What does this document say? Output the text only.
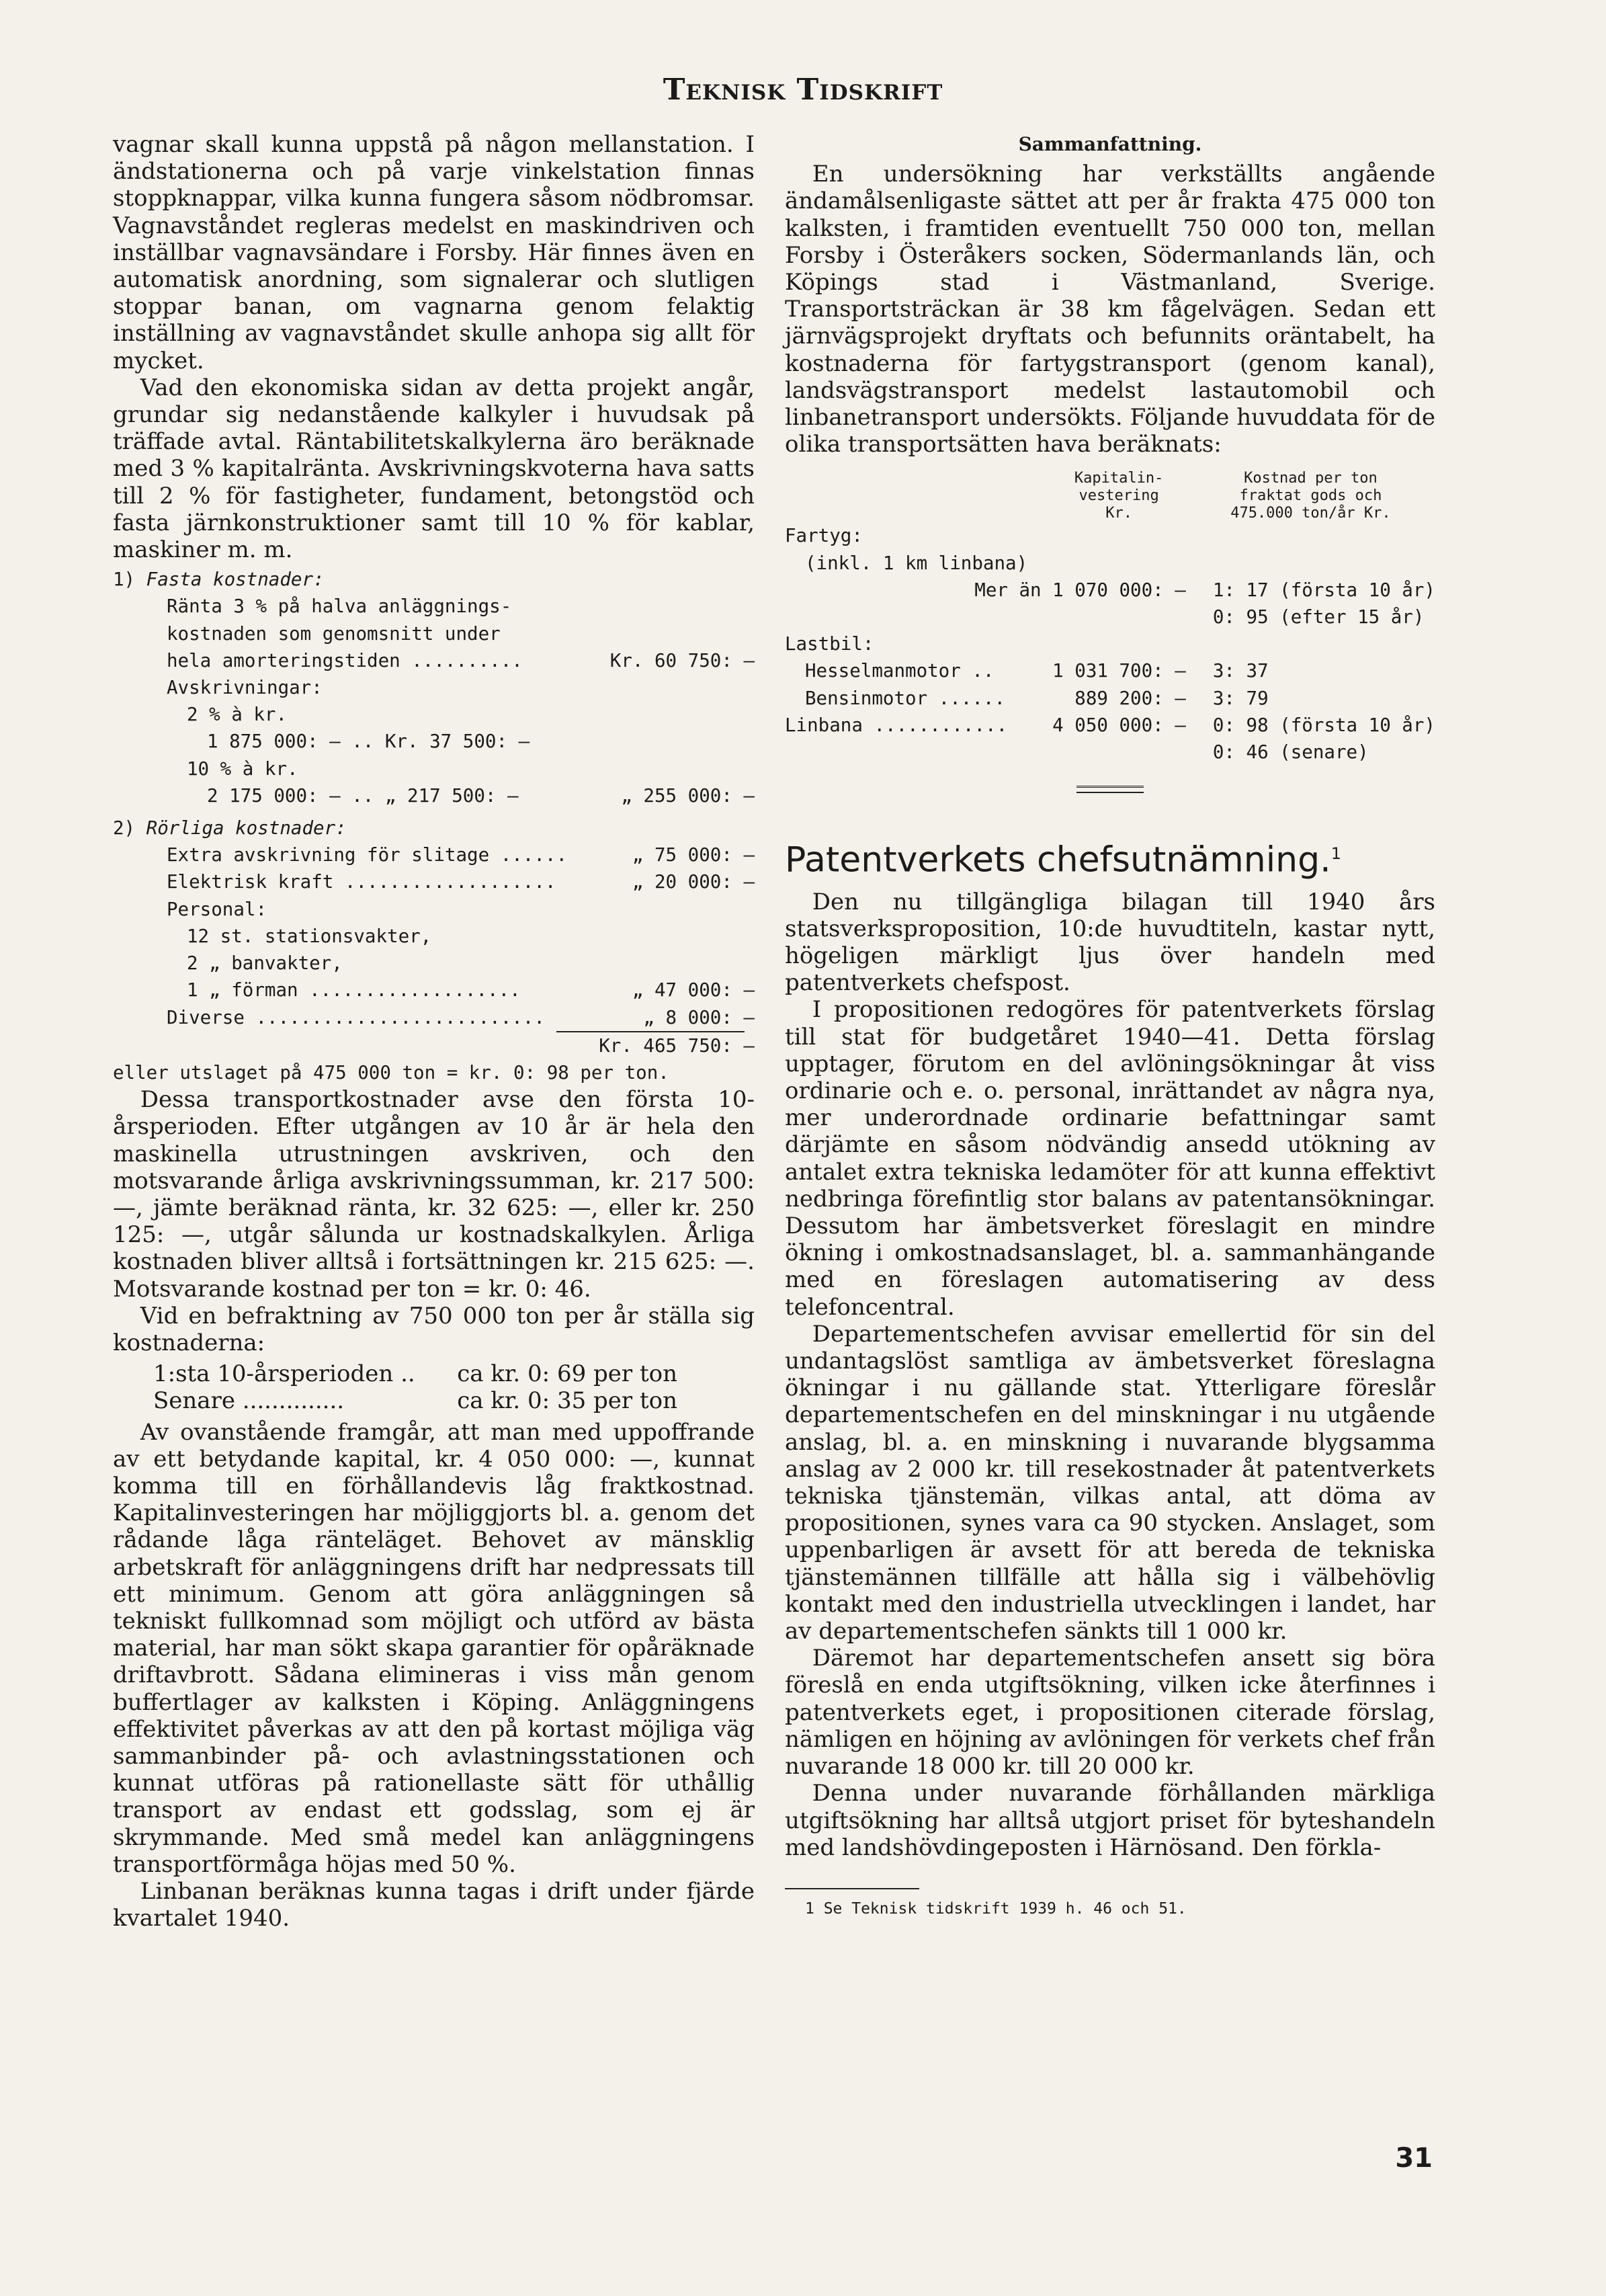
Teknisk Tidskrift

vagnar skall kunna uppstå på någon mellanstation. I ändstationerna och på varje vinkelstation finnas stoppknappar, vilka kunna fungera såsom nödbromsar. Vagnavståndet regleras medelst en maskindriven och inställbar vagnavsändare i Forsby. Här finnes även en automatisk anordning, som signalerar och slutligen stoppar banan, om vagnarna genom felaktig inställning av vagnavståndet skulle anhopa sig allt för mycket.

Vad den ekonomiska sidan av detta projekt angår, grundar sig nedanstående kalkyler i huvudsak på träffade avtal. Räntabilitetskalkylerna äro beräknade med 3 % kapitalränta. Avskrivningskvoterna hava satts till 2 % för fastigheter, fundament, betongstöd och fasta järnkonstruktioner samt till 10 % för kablar, maskiner m. m.

1) Fasta kostnader:
Ränta 3 % på halva anläggnings-
kostnaden som genomsnitt under
hela amorteringstiden ..........	Kr. 60 750: —
Avskrivningar:
2 % à kr.
1 875 000: — .. Kr. 37 500: —
10 % à kr.
2 175 000: — .. „ 217 500: —	„ 255 000: —
2) Rörliga kostnader:
Extra avskrivning för slitage ......	„ 75 000: —
Elektrisk kraft ...................	„ 20 000: —
Personal:
12 st. stationsvakter,
2 „ banvakter,
1 „ förman ...................	„ 47 000: —
Diverse ..........................	„ 8 000: —
Kr. 465 750: —
eller utslaget på 475 000 ton = kr. 0: 98 per ton.

Dessa transportkostnader avse den första 10-årsperioden. Efter utgången av 10 år är hela den maskinella utrustningen avskriven, och den motsvarande årliga avskrivningssumman, kr. 217 500: —, jämte beräknad ränta, kr. 32 625: —, eller kr. 250 125: —, utgår sålunda ur kostnadskalkylen. Årliga kostnaden bliver alltså i fortsättningen kr. 215 625: —. Motsvarande kostnad per ton = kr. 0: 46.

Vid en befraktning av 750 000 ton per år ställa sig kostnaderna:

1:sta 10-årsperioden .. ca kr. 0: 69 per ton
Senare ..............	ca kr. 0: 35 per ton

Av ovanstående framgår, att man med uppoffrande av ett betydande kapital, kr. 4 050 000: —, kunnat komma till en förhållandevis låg fraktkostnad. Kapitalinvesteringen har möjliggjorts bl. a. genom det rådande låga ränteläget. Behovet av mänsklig arbetskraft för anläggningens drift har nedpressats till ett minimum. Genom att göra anläggningen så tekniskt fullkomnad som möjligt och utförd av bästa material, har man sökt skapa garantier för opåräknade driftavbrott. Sådana elimineras i viss mån genom buffertlager av kalksten i Köping. Anläggningens effektivitet påverkas av att den på kortast möjliga väg sammanbinder på- och avlastningsstationen och kunnat utföras på rationellaste sätt för uthållig transport av endast ett godsslag, som ej är skrymmande. Med små medel kan anläggningens transportförmåga höjas med 50 %.

Linbanan beräknas kunna tagas i drift under fjärde kvartalet 1940.

Sammanfattning.

En undersökning har verkställts angående ändamålsenligaste sättet att per år frakta 475 000 ton kalksten, i framtiden eventuellt 750 000 ton, mellan Forsby i Österåkers socken, Södermanlands län, och Köpings stad i Västmanland, Sverige. Transportsträckan är 38 km fågelvägen. Sedan ett järnvägsprojekt dryftats och befunnits oräntabelt, ha kostnaderna för fartygstransport (genom kanal), landsvägstransport medelst lastautomobil och linbanetransport undersökts. Följande huvuddata för de olika transportsätten hava beräknats:

	Kapitalin-
vestering
Kr.	Kostnad per ton
fraktat gods och
475.000 ton/år Kr.
Fartyg:		
(inkl. 1 km linbana)		
Mer än 1 070 000: —		1: 17 (första 10 år)
		0: 95 (efter 15 år)
Lastbil:		
Hesselmanmotor ..	1 031 700: —	3: 37
Bensinmotor ......	889 200: —	3: 79
Linbana ............	4 050 000: —	0: 98 (första 10 år)
		0: 46 (senare)
Patentverkets chefsutnämning.$^1$

Den nu tillgängliga bilagan till 1940 års statsverksproposition, 10:de huvudtiteln, kastar nytt, högeligen märkligt ljus över handeln med patentverkets chefspost.

I propositionen redogöres för patentverkets förslag till stat för budgetåret 1940—41. Detta förslag upptager, förutom en del avlöningsökningar åt viss ordinarie och e. o. personal, inrättandet av några nya, mer underordnade ordinarie befattningar samt därjämte en såsom nödvändig ansedd utökning av antalet extra tekniska ledamöter för att kunna effektivt nedbringa förefintlig stor balans av patentansökningar. Dessutom har ämbetsverket föreslagit en mindre ökning i omkostnadsanslaget, bl. a. sammanhängande med en föreslagen automatisering av dess telefoncentral.

Departementschefen avvisar emellertid för sin del undantagslöst samtliga av ämbetsverket föreslagna ökningar i nu gällande stat. Ytterligare föreslår departementschefen en del minskningar i nu utgående anslag, bl. a. en minskning i nuvarande blygsamma anslag av 2 000 kr. till resekostnader åt patentverkets tekniska tjänstemän, vilkas antal, att döma av propositionen, synes vara ca 90 stycken. Anslaget, som uppenbarligen är avsett för att bereda de tekniska tjänstemännen tillfälle att hålla sig i välbehövlig kontakt med den industriella utvecklingen i landet, har av departementschefen sänkts till 1 000 kr.

Däremot har departementschefen ansett sig böra föreslå en enda utgiftsökning, vilken icke återfinnes i patentverkets eget, i propositionen citerade förslag, nämligen en höjning av avlöningen för verkets chef från nuvarande 18 000 kr. till 20 000 kr.

Denna under nuvarande förhållanden märkliga utgiftsökning har alltså utgjort priset för byteshandeln med landshövdingeposten i Härnösand. Den förkla-

1 Se Teknisk tidskrift 1939 h. 46 och 51.
31
